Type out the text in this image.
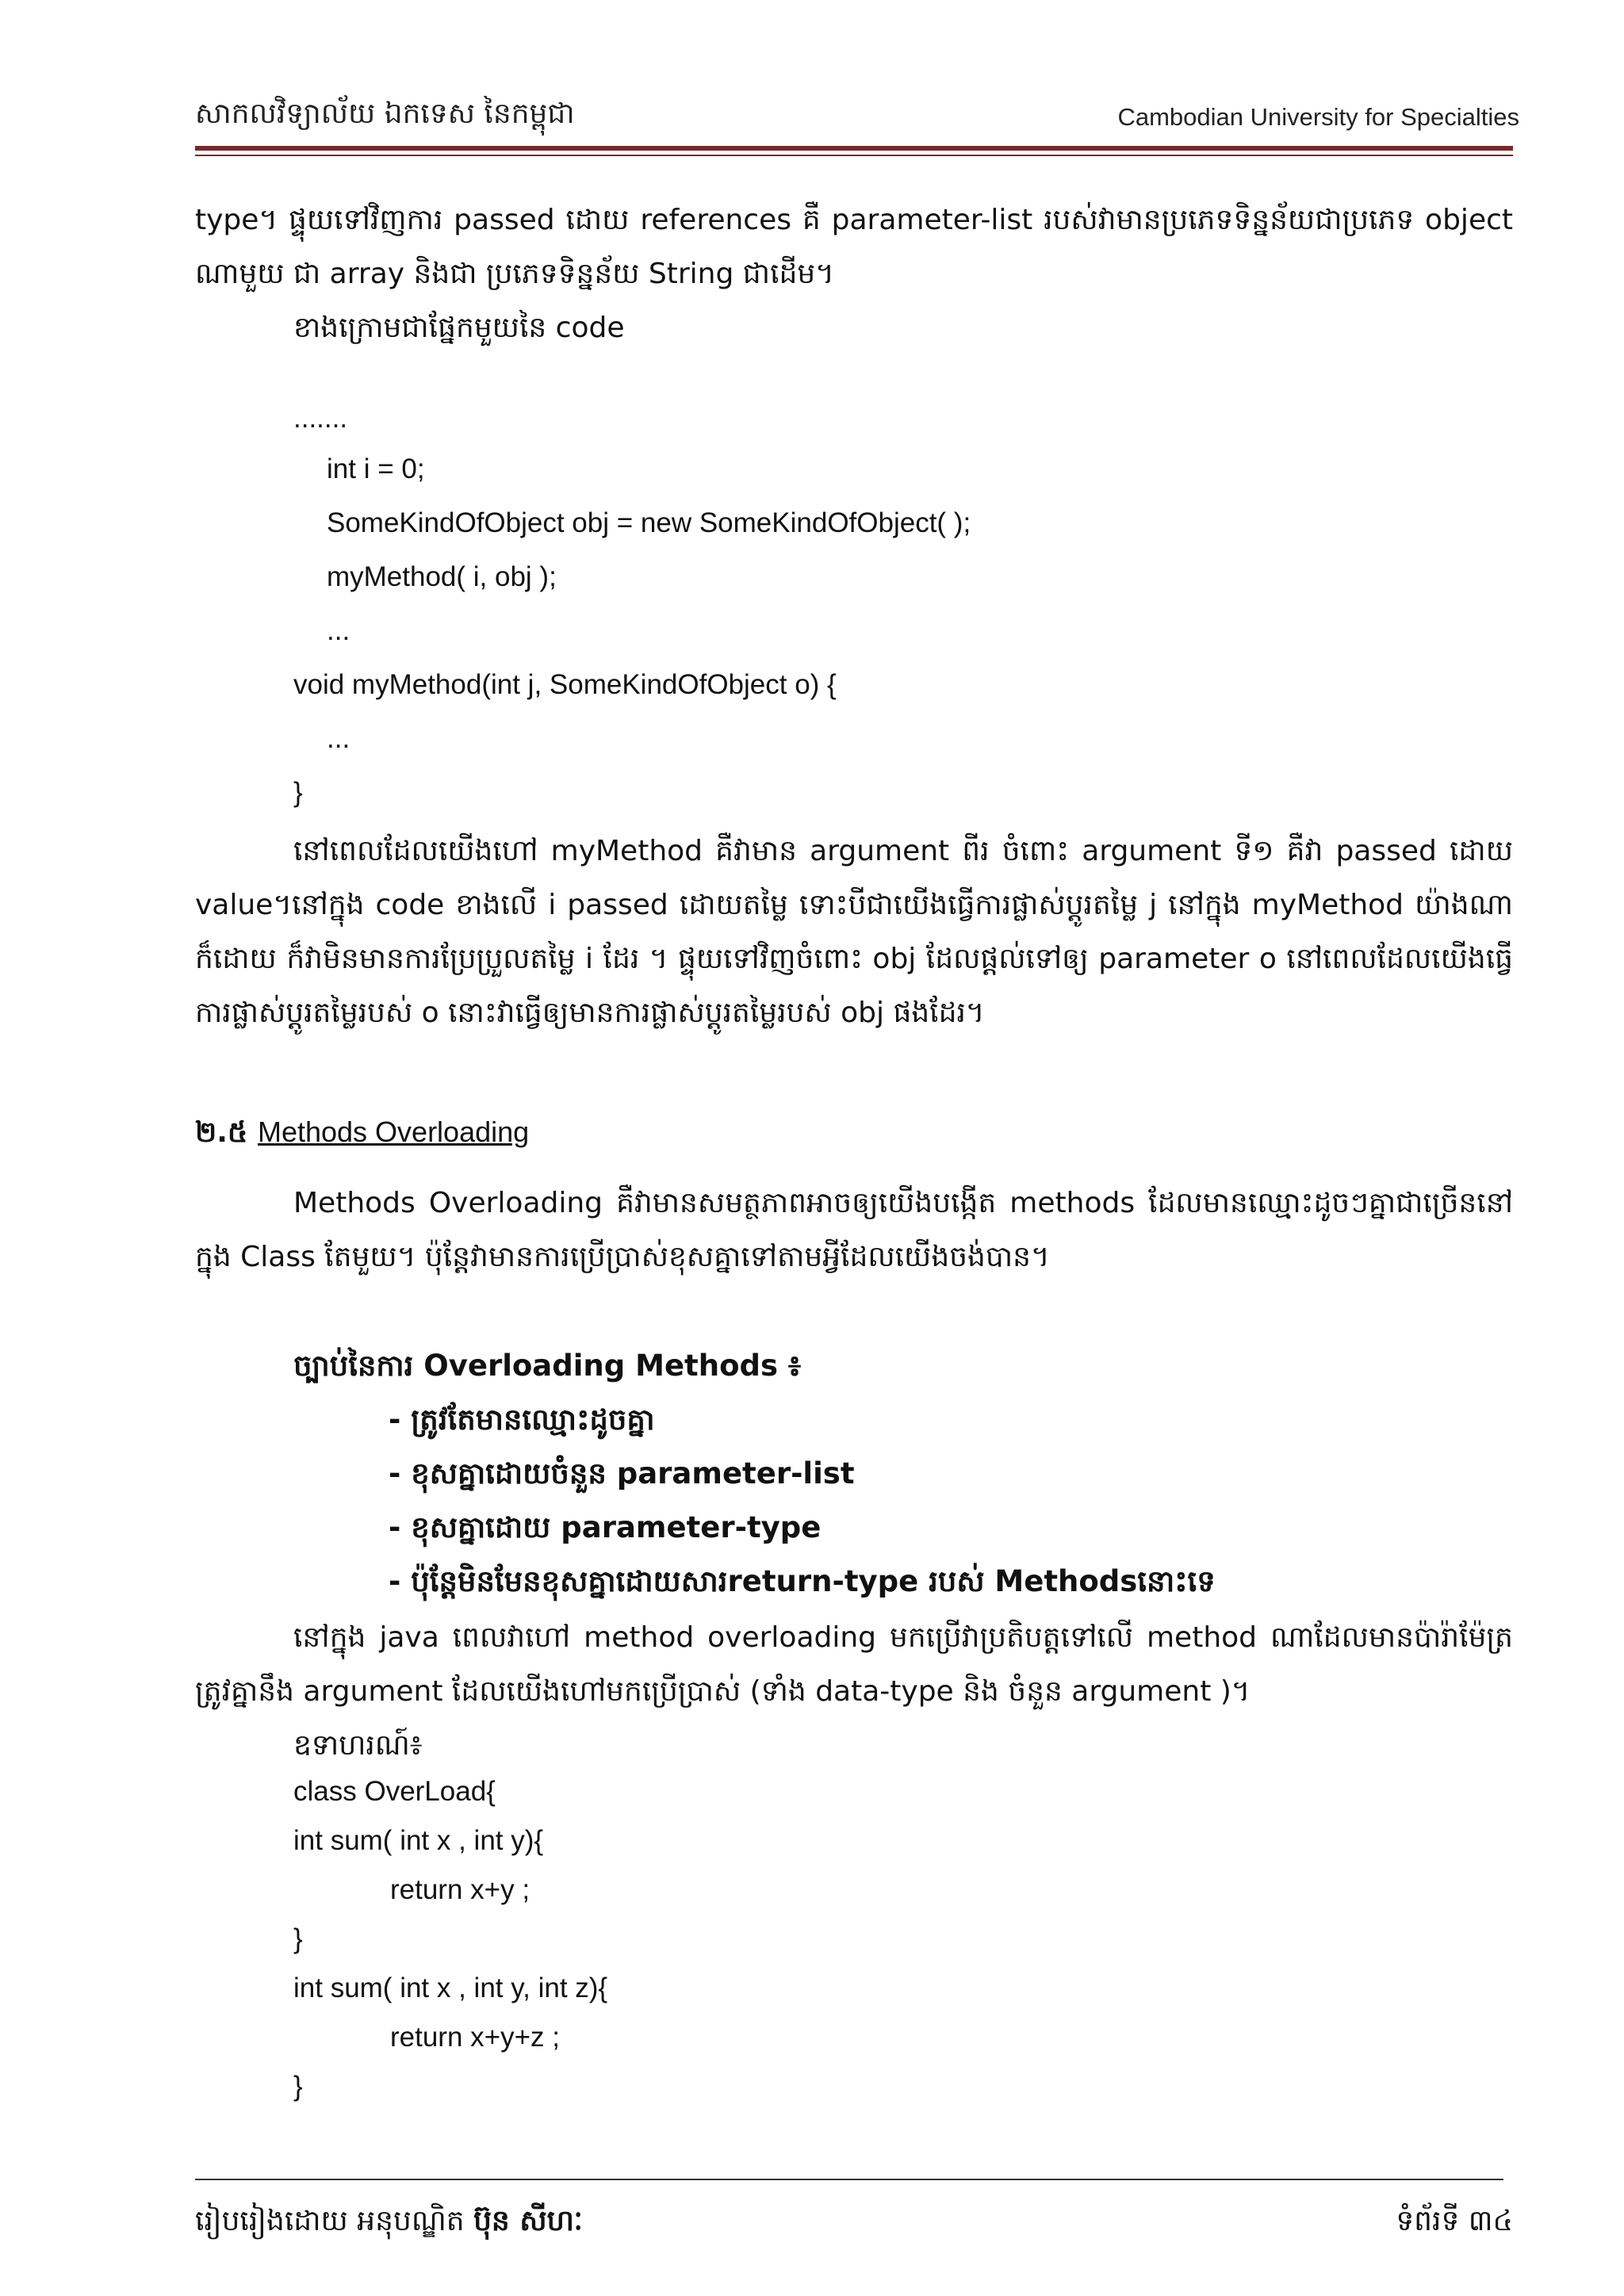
សាកលវិទ្យាល័យ ឯកទេស នៃកម្ពុជា	Cambodian University for Specialties

type។ ផ្ទុយទៅវិញការ passed ដោយ references គឺ parameter-list របស់វាមានប្រភេទទិន្នន័យជាប្រភេទ object ណាមួយ ជា array និងជា ប្រភេទទិន្នន័យ String ជាដើម។

ខាងក្រោមជាផ្នែកមួយនៃ code

.......
int i = 0;
SomeKindOfObject obj = new SomeKindOfObject( );
myMethod( i, obj );
...
void myMethod(int j, SomeKindOfObject o) {
...
}

នៅពេលដែលយើងហៅ myMethod គឺវាមាន argument ពីរ ចំពោះ argument ទី១ គឺវា passed ដោយ value។នៅក្នុង code ខាងលើ i passed ដោយតម្លៃ ទោះបីជាយើងធ្វើការផ្លាស់ប្តូរតម្លៃ j នៅក្នុង myMethod យ៉ាងណាក៏ដោយ ក៏វាមិនមានការប្រែប្រួលតម្លៃ i ដែរ ។ ផ្ទុយទៅវិញចំពោះ obj ដែលផ្តល់ទៅឲ្យ parameter o នៅពេលដែលយើងធ្វើការផ្លាស់ប្តូរតម្លៃរបស់ o នោះវាធ្វើឲ្យមានការផ្លាស់ប្តូរតម្លៃរបស់ obj ផងដែរ។

២.៥ Methods Overloading

Methods Overloading គឺវាមានសមត្ថភាពអាចឲ្យយើងបង្កើត methods ដែលមានឈ្មោះដូចៗគ្នាជាច្រើននៅក្នុង Class តែមួយ។ ប៉ុន្តែវាមានការប្រើប្រាស់ខុសគ្នាទៅតាមអ្វីដែលយើងចង់បាន។

ច្បាប់នៃការ Overloading Methods ៖
- ត្រូវតែមានឈ្មោះដូចគ្នា
- ខុសគ្នាដោយចំនួន parameter-list
- ខុសគ្នាដោយ parameter-type
- ប៉ុន្តែមិនមែនខុសគ្នាដោយសារreturn-type របស់ Methodsនោះទេ

នៅក្នុង java ពេលវាហៅ method overloading មកប្រើវាប្រតិបត្តទៅលើ method ណាដែលមានប៉ារ៉ាម៉ែត្រត្រូវគ្នានឹង argument ដែលយើងហៅមកប្រើប្រាស់ (ទាំង data-type និង ចំនួន argument )។

ឧទាហរណ៍៖

class OverLoad{
int sum( int x , int y){
return x+y ;
}
int sum( int x , int y, int z){
return x+y+z ;
}
រៀបរៀងដោយ អនុបណ្ឌិត ប៊ុន សីហៈ	ទំព័រទី ៣៤
